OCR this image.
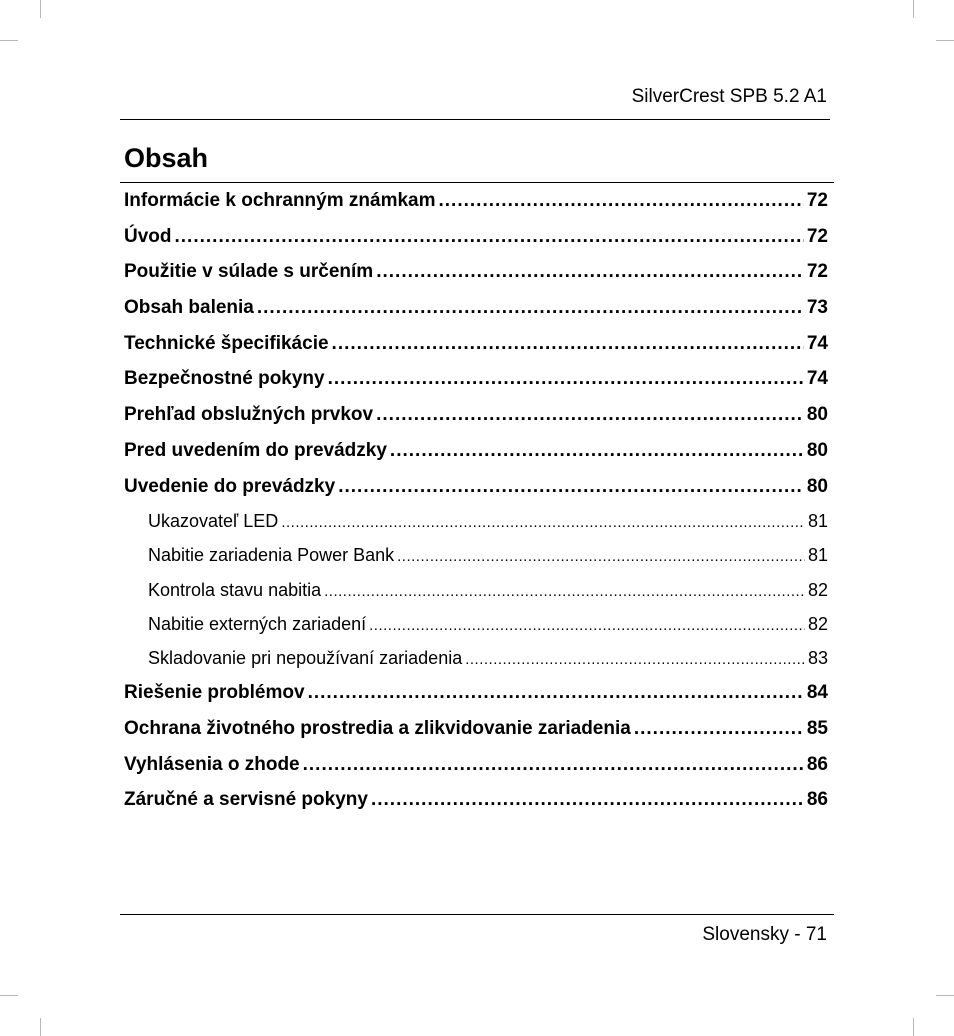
SilverCrest SPB 5.2 A1
Obsah
Informácie k ochranným známkam .....	72
Úvod .....	72
Použitie v súlade s určením .....	72
Obsah balenia .....	73
Technické špecifikácie .....	74
Bezpečnostné pokyny .....	74
Prehľad obslužných prvkov .....	80
Pred uvedením do prevádzky .....	80
Uvedenie do prevádzky .....	80
Ukazovateľ LED .....	81
Nabitie zariadenia Power Bank .....	81
Kontrola stavu nabitia .....	82
Nabitie externých zariadení .....	82
Skladovanie pri nepoužívaní zariadenia .....	83
Riešenie problémov .....	84
Ochrana životného prostredia a zlikvidovanie zariadenia .....	85
Vyhlásenia o zhode .....	86
Záručné a servisné pokyny .....	86
Slovensky - 71
